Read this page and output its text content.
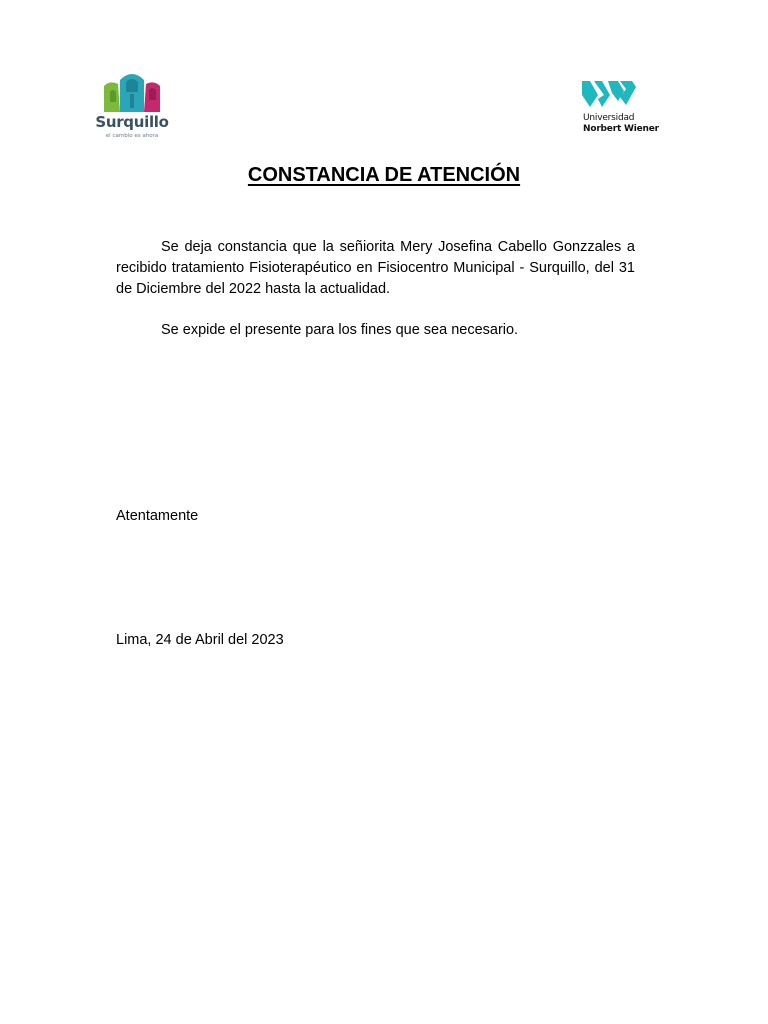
Surquillo
el cambio es ahora
Universidad
Norbert Wiener
CONSTANCIA DE ATENCIÓN

Se deja constancia que la señiorita Mery Josefina Cabello Gonzzales a recibido tratamiento Fisioterapéutico en Fisiocentro Municipal - Surquillo, del 31 de Diciembre del 2022 hasta la actualidad.

Se expide el presente para los fines que sea necesario.

Atentamente
Lima, 24 de Abril del 2023
